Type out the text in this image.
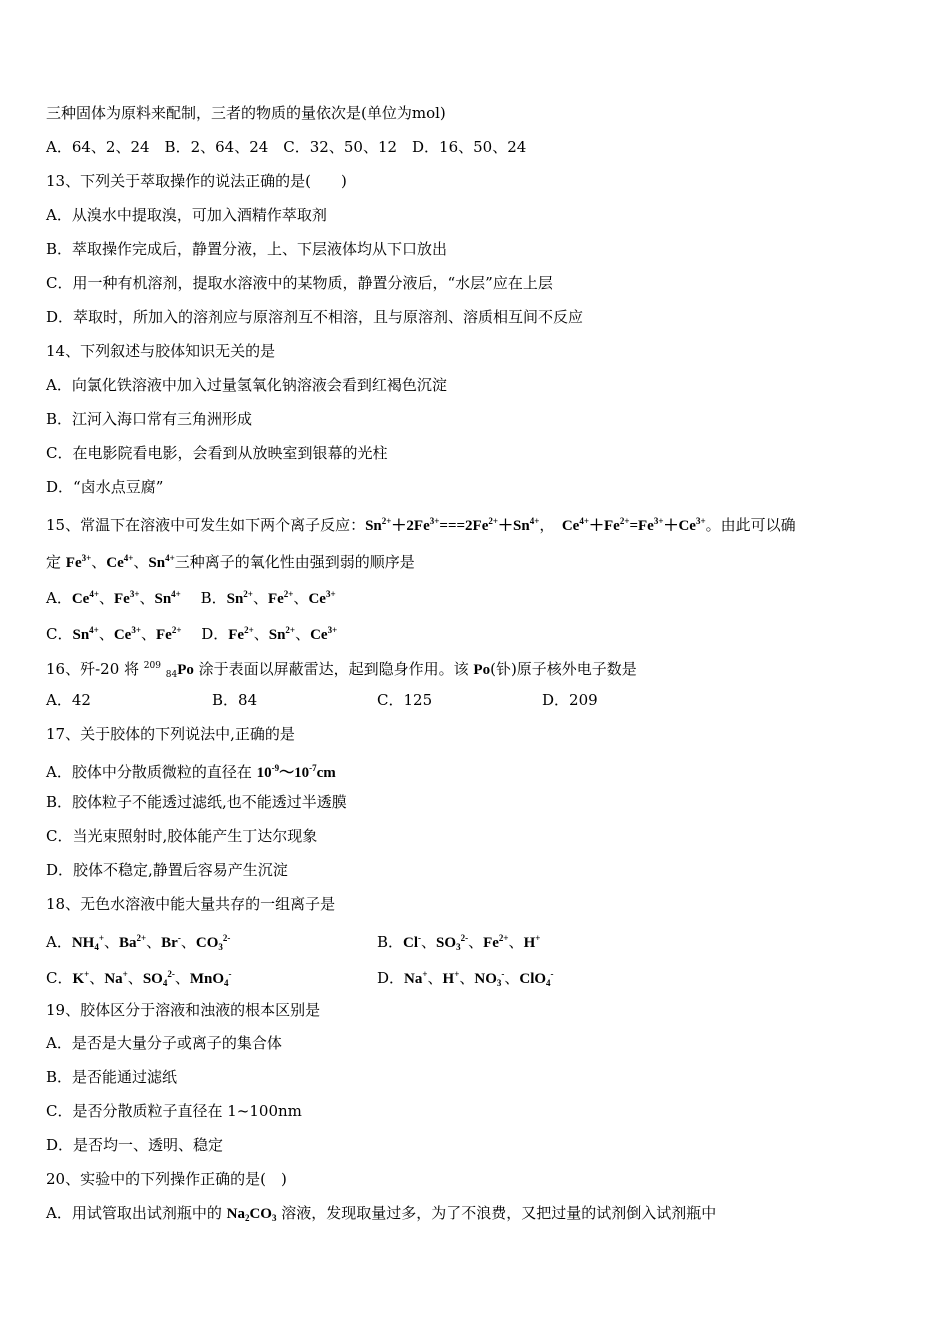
三种固体为原料来配制，三者的物质的量依次是(单位为mol)
A．64、2、24　B．2、64、24　C．32、50、12　D．16、50、24
13、下列关于萃取操作的说法正确的是(　　)
A．从溴水中提取溴，可加入酒精作萃取剂
B．萃取操作完成后，静置分液，上、下层液体均从下口放出
C．用一种有机溶剂，提取水溶液中的某物质，静置分液后，“水层”应在上层
D．萃取时，所加入的溶剂应与原溶剂互不相溶，且与原溶剂、溶质相互间不反应
14、下列叙述与胶体知识无关的是
A．向氯化铁溶液中加入过量氢氧化钠溶液会看到红褐色沉淀
B．江河入海口常有三角洲形成
C．在电影院看电影，会看到从放映室到银幕的光柱
D．“卤水点豆腐”
15、常温下在溶液中可发生如下两个离子反应：$Sn^{2+}+2Fe^{3+}===2Fe^{2+}+Sn^{4+}$，　$Ce^{4+}+Fe^{2+}=Fe^{3+}+Ce^{3+}$。由此可以确
定 $Fe^{3+}$、$Ce^{4+}$、$Sn^{4+}$三种离子的氧化性由强到弱的顺序是
A．$Ce^{4+}$、$Fe^{3+}$、$Sn^{4+}$　 B．$Sn^{2+}$、$Fe^{2+}$、$Ce^{3+}$
C．$Sn^{4+}$、$Ce^{3+}$、$Fe^{2+}$　 D．$Fe^{2+}$、$Sn^{2+}$、$Ce^{3+}$
16、歼-20 将 $^{209}$ $_{84}$Po 涂于表面以屏蔽雷达，起到隐身作用。该 Po(钋)原子核外电子数是
A．42	B．84	C．125	D．209
17、关于胶体的下列说法中,正确的是
A．胶体中分散质微粒的直径在 $10^{-9}\sim 10^{-7}cm$
B．胶体粒子不能透过滤纸,也不能透过半透膜
C．当光束照射时,胶体能产生丁达尔现象
D．胶体不稳定,静置后容易产生沉淀
18、无色水溶液中能大量共存的一组离子是
A．$NH_4^+$、$Ba^{2+}$、Br-、$CO_3^{2-}$	B．Cl-、$SO_3^{2-}$、$Fe^{2+}$、H+
C．K+、Na+、$SO_4^{2-}$、MnO$_4$-	D．Na+、H+、$NO_3^-$、ClO$_4$-
19、胶体区分于溶液和浊液的根本区别是
A．是否是大量分子或离子的集合体
B．是否能通过滤纸
C．是否分散质粒子直径在 1~100nm
D．是否均一、透明、稳定
20、实验中的下列操作正确的是(　)
A．用试管取出试剂瓶中的 $Na_2CO_3$ 溶液，发现取量过多，为了不浪费，又把过量的试剂倒入试剂瓶中
